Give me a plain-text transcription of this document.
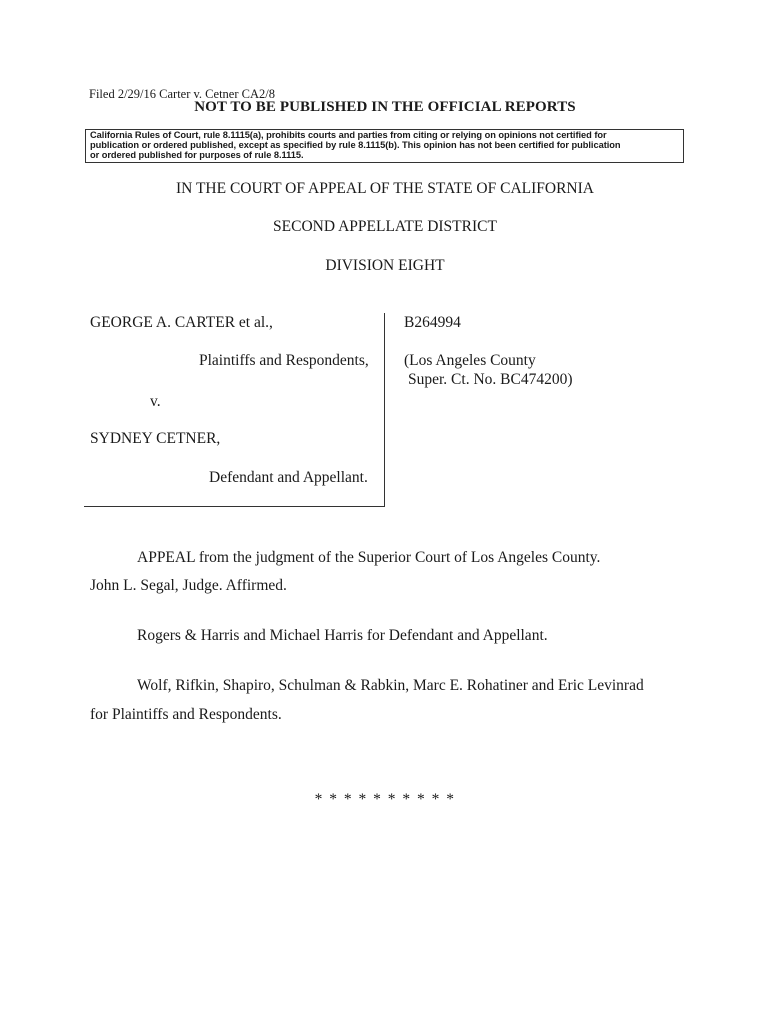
Filed 2/29/16 Carter v. Cetner CA2/8
NOT TO BE PUBLISHED IN THE OFFICIAL REPORTS
California Rules of Court, rule 8.1115(a), prohibits courts and parties from citing or relying on opinions not certified for
publication or ordered published, except as specified by rule 8.1115(b). This opinion has not been certified for publication
or ordered published for purposes of rule 8.1115.
IN THE COURT OF APPEAL OF THE STATE OF CALIFORNIA
SECOND APPELLATE DISTRICT
DIVISION EIGHT
GEORGE A. CARTER et al.,
Plaintiffs and Respondents,
v.
SYDNEY CETNER,
Defendant and Appellant.
B264994
(Los Angeles County
Super. Ct. No. BC474200)
APPEAL from the judgment of the Superior Court of Los Angeles County.
John L. Segal, Judge. Affirmed.
Rogers & Harris and Michael Harris for Defendant and Appellant.
Wolf, Rifkin, Shapiro, Schulman & Rabkin, Marc E. Rohatiner and Eric Levinrad
for Plaintiffs and Respondents.
* * * * * * * * * *
